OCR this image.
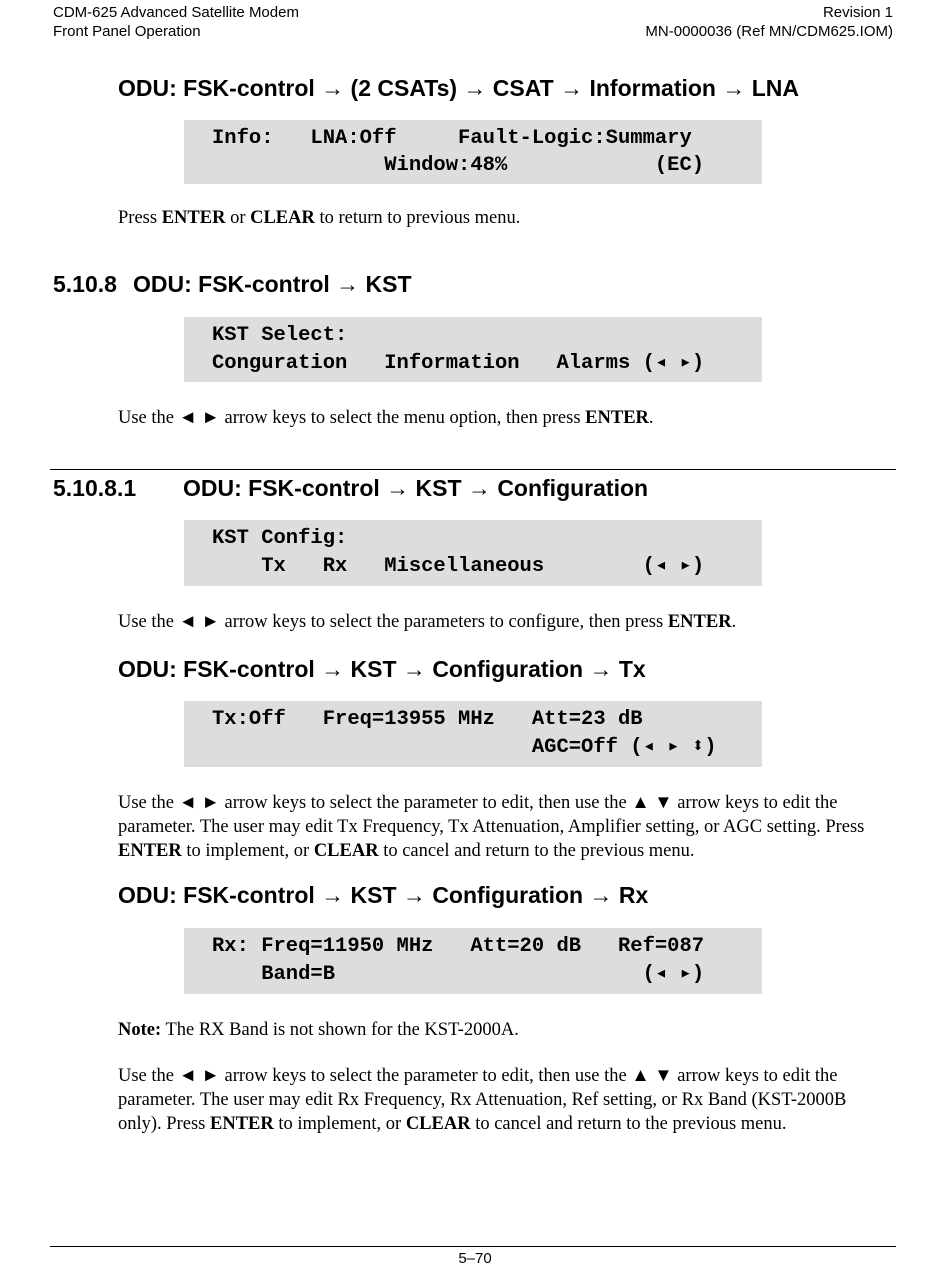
CDM-625 Advanced Satellite Modem
Front Panel Operation
Revision 1
MN-0000036 (Ref MN/CDM625.IOM)
ODU: FSK-control → (2 CSATs) → CSAT → Information → LNA
Info:   LNA:Off     Fault-Logic:Summary
Window:48%            (EC)
Press ENTER or CLEAR to return to previous menu.
5.10.8 ODU: FSK-control → KST
KST Select:
Conguration   Information   Alarms (◂ ▸)
Use the ◄ ► arrow keys to select the menu option, then press ENTER.
5.10.8.1 ODU: FSK-control → KST → Configuration
KST Config:
Tx   Rx   Miscellaneous        (◂ ▸)
Use the ◄ ► arrow keys to select the parameters to configure, then press ENTER.
ODU: FSK-control → KST → Configuration → Tx
Tx:Off   Freq=13955 MHz   Att=23 dB
AGC=Off (◂ ▸ ⬍)
Use the ◄ ► arrow keys to select the parameter to edit, then use the ▲ ▼ arrow keys to edit the parameter. The user may edit Tx Frequency, Tx Attenuation, Amplifier setting, or AGC setting. Press ENTER to implement, or CLEAR to cancel and return to the previous menu.
ODU: FSK-control → KST → Configuration → Rx
Rx: Freq=11950 MHz   Att=20 dB   Ref=087
Band=B                         (◂ ▸)
Note: The RX Band is not shown for the KST-2000A.
Use the ◄ ► arrow keys to select the parameter to edit, then use the ▲ ▼ arrow keys to edit the parameter. The user may edit Rx Frequency, Rx Attenuation, Ref setting, or Rx Band (KST-2000B only). Press ENTER to implement, or CLEAR to cancel and return to the previous menu.
5–70
